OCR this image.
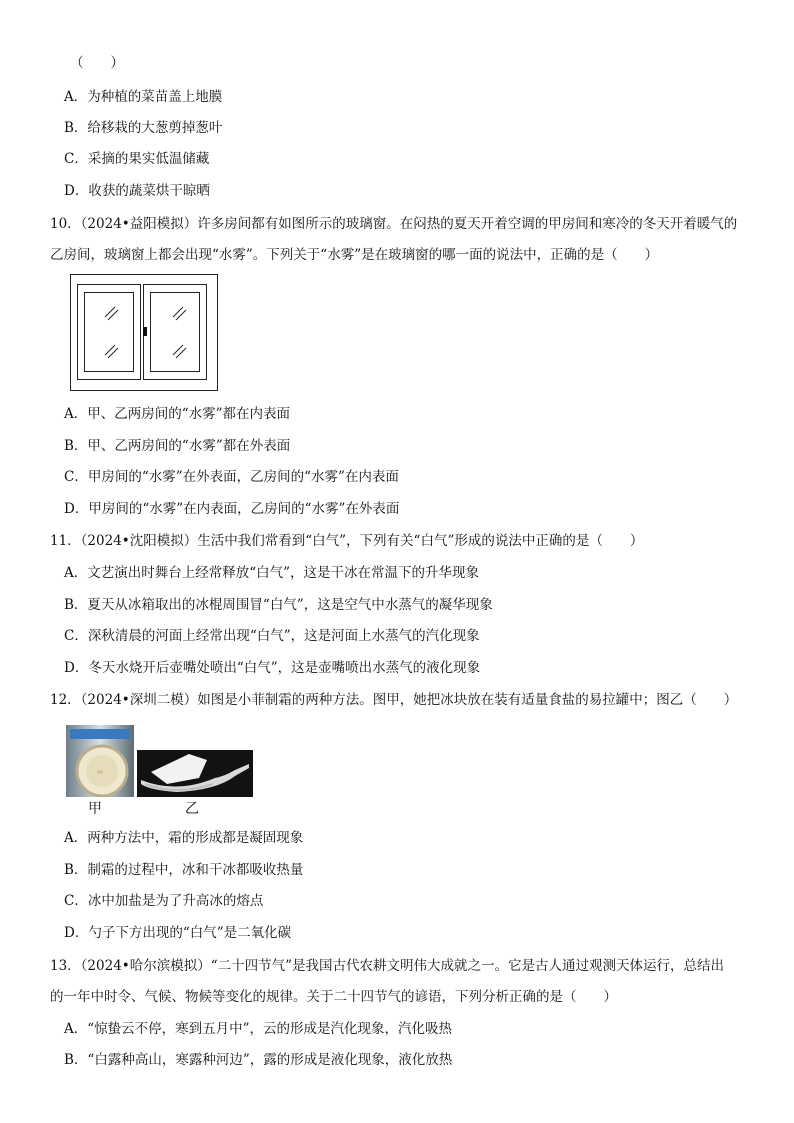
（　　）
A．为种植的菜苗盖上地膜
B．给移栽的大葱剪掉葱叶
C．采摘的果实低温储藏
D．收获的蔬菜烘干晾晒
10．（2024•益阳模拟）许多房间都有如图所示的玻璃窗。在闷热的夏天开着空调的甲房间和寒冷的冬天开着暖气的
乙房间，玻璃窗上都会出现“水雾”。下列关于“水雾”是在玻璃窗的哪一面的说法中，正确的是（　　）
A．甲、乙两房间的“水雾”都在内表面
B．甲、乙两房间的“水雾”都在外表面
C．甲房间的“水雾”在外表面，乙房间的“水雾”在内表面
D．甲房间的“水雾”在内表面，乙房间的“水雾”在外表面
11．（2024•沈阳模拟）生活中我们常看到“白气”，下列有关“白气”形成的说法中正确的是（　　）
A．文艺演出时舞台上经常释放“白气”，这是干冰在常温下的升华现象
B．夏天从冰箱取出的冰棍周围冒“白气”，这是空气中水蒸气的凝华现象
C．深秋清晨的河面上经常出现“白气”，这是河面上水蒸气的汽化现象
D．冬天水烧开后壶嘴处喷出“白气”，这是壶嘴喷出水蒸气的液化现象
12．（2024•深圳二模）如图是小菲制霜的两种方法。图甲，她把冰块放在装有适量食盐的易拉罐中；图乙（　　）
≈
甲	乙
A．两种方法中，霜的形成都是凝固现象
B．制霜的过程中，冰和干冰都吸收热量
C．冰中加盐是为了升高冰的熔点
D．勺子下方出现的“白气”是二氧化碳
13．（2024•哈尔滨模拟）“二十四节气”是我国古代农耕文明伟大成就之一。它是古人通过观测天体运行，总结出
的一年中时令、气候、物候等变化的规律。关于二十四节气的谚语，下列分析正确的是（　　）
A．“惊蛰云不停，寒到五月中”，云的形成是汽化现象，汽化吸热
B．“白露种高山，寒露种河边”，露的形成是液化现象，液化放热
